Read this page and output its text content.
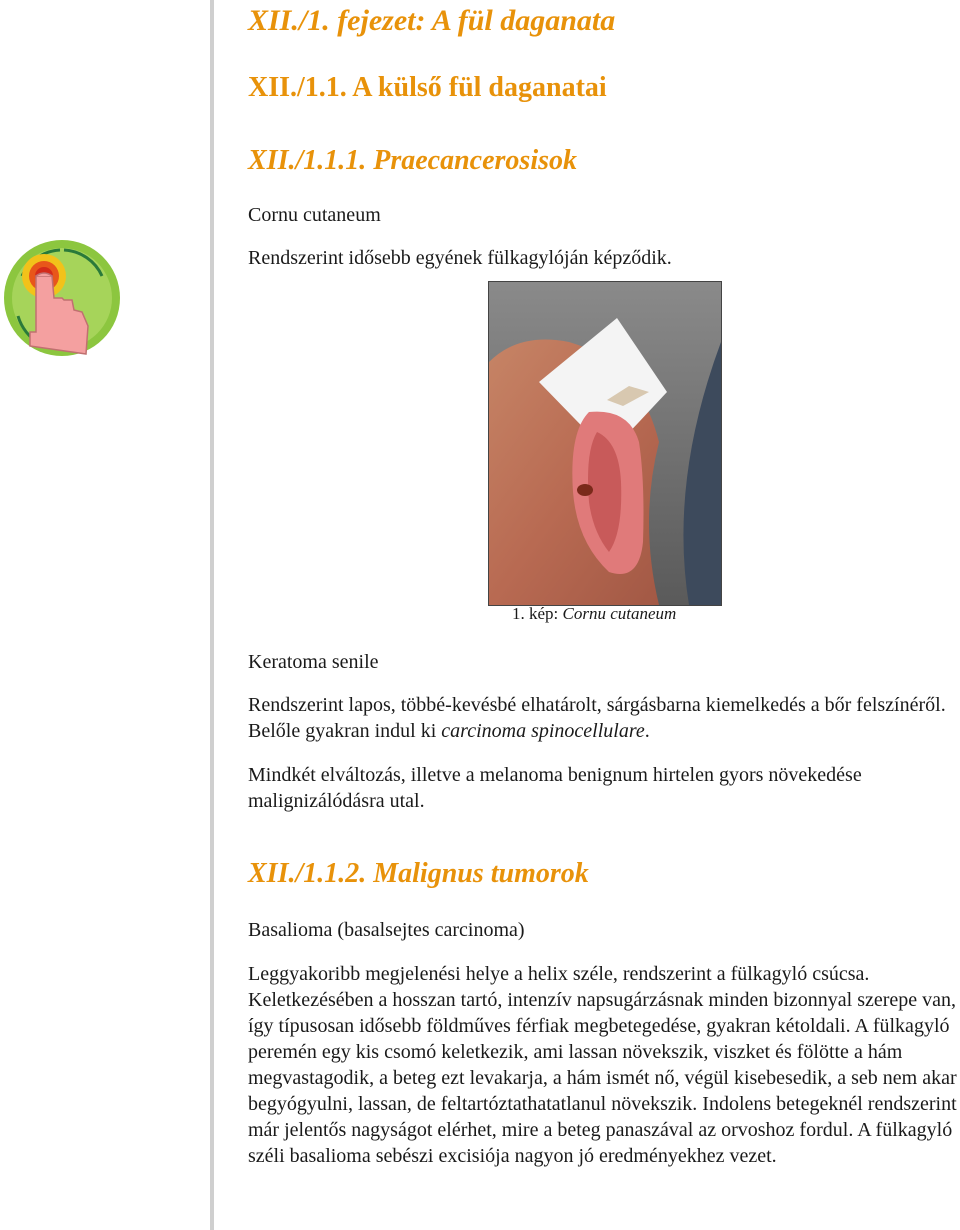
XII./1. fejezet: A fül daganata
XII./1.1. A külső fül daganatai
XII./1.1.1. Praecancerosisok
Cornu cutaneum
Rendszerint idősebb egyének fülkagylóján képződik.
1. kép: Cornu cutaneum
Keratoma senile
Rendszerint lapos, többé-kevésbé elhatárolt, sárgásbarna kiemelkedés a bőr felszínéről. Belőle gyakran indul ki carcinoma spinocellulare.
Mindkét elváltozás, illetve a melanoma benignum hirtelen gyors növekedése malignizálódásra utal.
XII./1.1.2. Malignus tumorok
Basalioma (basalsejtes carcinoma)
Leggyakoribb megjelenési helye a helix széle, rendszerint a fülkagyló csúcsa. Keletkezésében a hosszan tartó, intenzív napsugárzásnak minden bizonnyal szerepe van, így típusosan idősebb földműves férfiak megbetegedése, gyakran kétoldali. A fülkagyló peremén egy kis csomó keletkezik, ami lassan növekszik, viszket és fölötte a hám megvastagodik, a beteg ezt levakarja, a hám ismét nő, végül kisebesedik, a seb nem akar begyógyulni, lassan, de feltartóztathatatlanul növekszik. Indolens betegeknél rendszerint már jelentős nagyságot elérhet, mire a beteg panaszával az orvoshoz fordul. A fülkagyló széli basalioma sebészi excisiója nagyon jó eredményekhez vezet.
